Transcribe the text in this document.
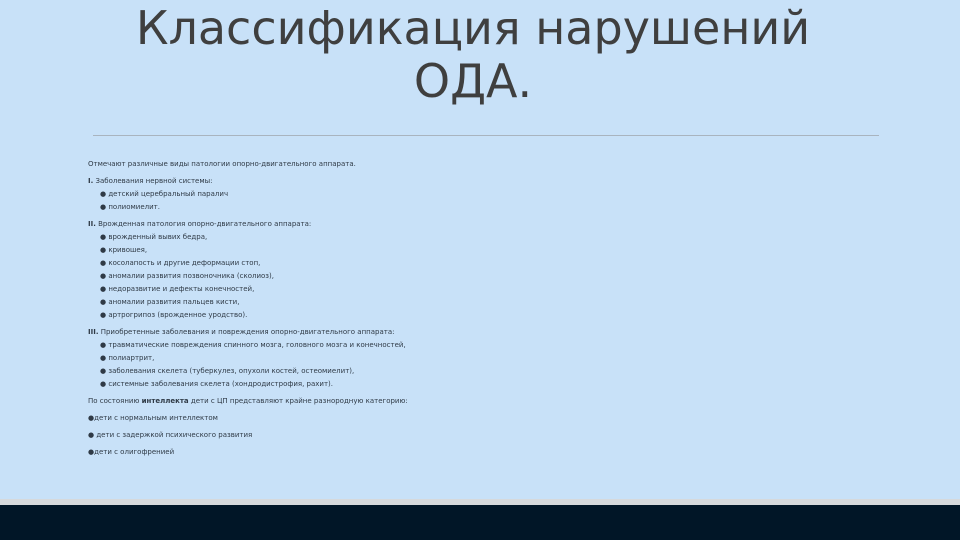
Классификация нарушений
ОДА.
Отмечают различные виды патологии опорно-двигательного аппарата.
I. Заболевания нервной системы:
● детский церебральный паралич
● полиомиелит.
II. Врожденная патология опорно-двигательного аппарата:
● врожденный вывих бедра,
● кривошея,
● косолапость и другие деформации стоп,
● аномалии развития позвоночника (сколиоз),
● недоразвитие и дефекты конечностей,
● аномалии развития пальцев кисти,
● артрогрипоз (врожденное уродство).
III. Приобретенные заболевания и повреждения опорно-двигательного аппарата:
● травматические повреждения спинного мозга, головного мозга и конечностей,
● полиартрит,
● заболевания скелета (туберкулез, опухоли костей, остеомиелит),
● системные заболевания скелета (хондродистрофия, рахит).
По состоянию интеллекта дети с ЦП представляют крайне разнородную категорию:
●дети с нормальным интеллектом
● дети с задержкой психического развития
●дети с олигофренией
